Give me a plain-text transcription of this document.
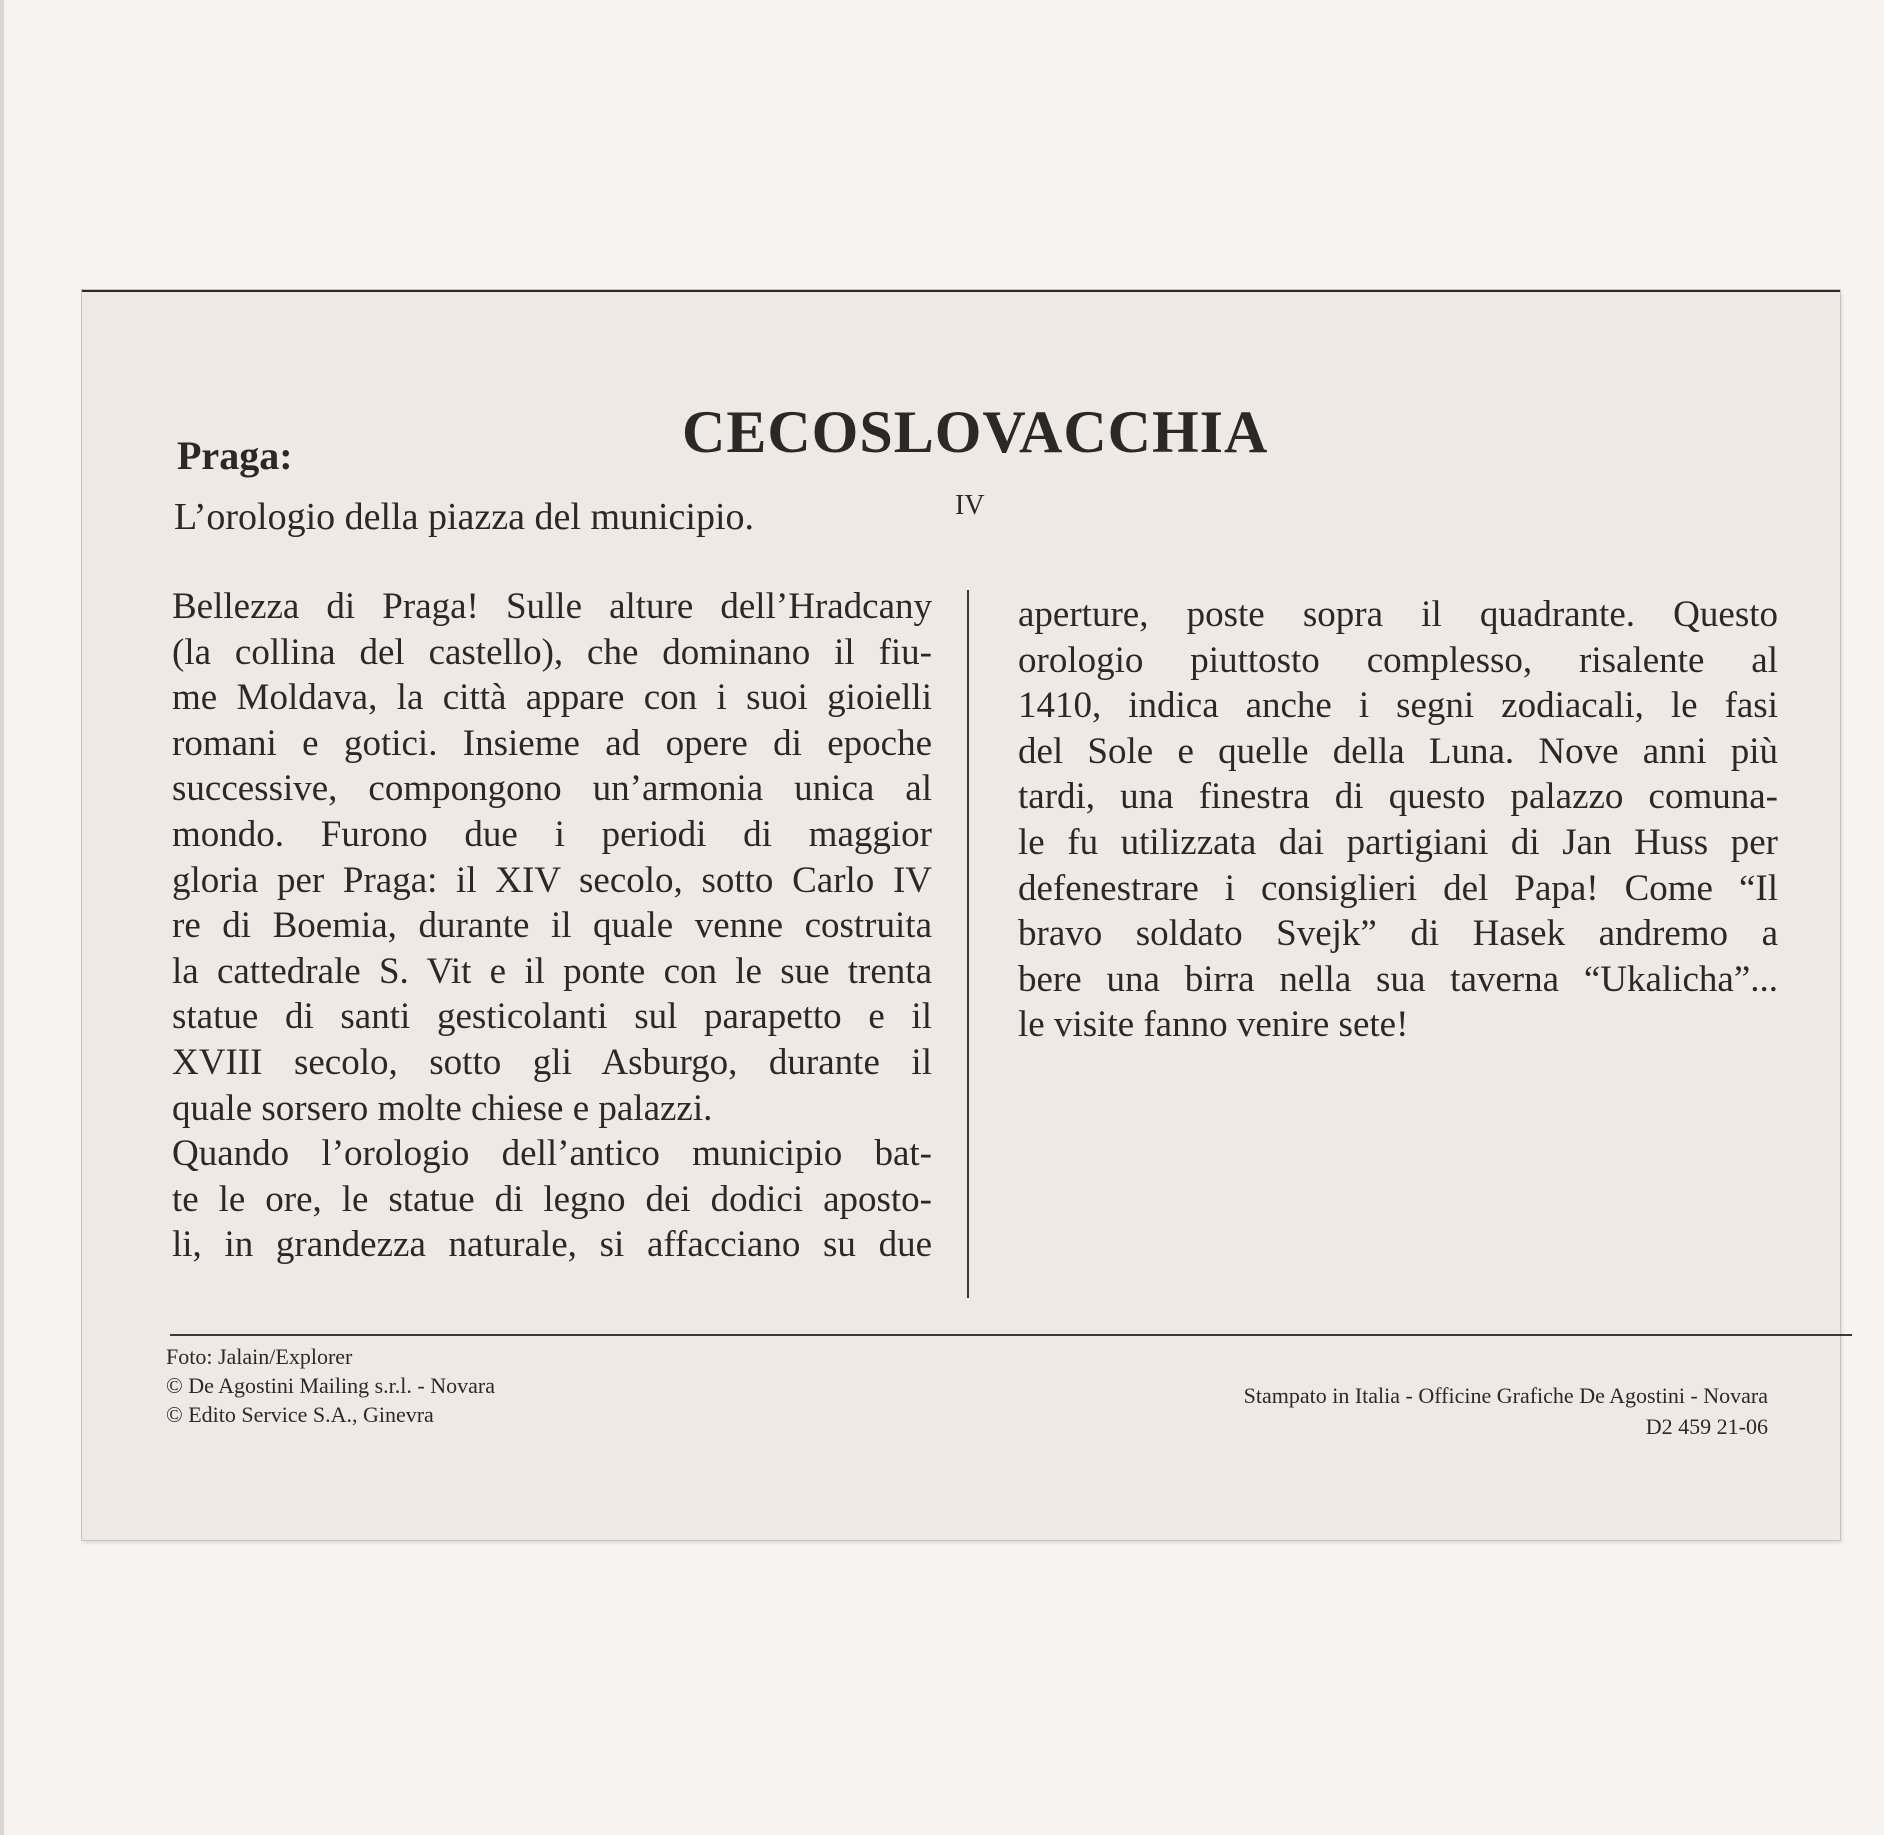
CECOSLOVACCHIA
Praga:
L’orologio della piazza del municipio.	IV
Bellezza di Praga! Sulle alture dell’Hradcany
(la collina del castello), che dominano il fiu-
me Moldava, la città appare con i suoi gioielli
romani e gotici. Insieme ad opere di epoche
successive, compongono un’armonia unica al
mondo. Furono due i periodi di maggior
gloria per Praga: il XIV secolo, sotto Carlo IV
re di Boemia, durante il quale venne costruita
la cattedrale S. Vit e il ponte con le sue trenta
statue di santi gesticolanti sul parapetto e il
XVIII secolo, sotto gli Asburgo, durante il
quale sorsero molte chiese e palazzi.
Quando l’orologio dell’antico municipio bat-
te le ore, le statue di legno dei dodici aposto-
li, in grandezza naturale, si affacciano su due
aperture, poste sopra il quadrante. Questo
orologio piuttosto complesso, risalente al
1410, indica anche i segni zodiacali, le fasi
del Sole e quelle della Luna. Nove anni più
tardi, una finestra di questo palazzo comuna-
le fu utilizzata dai partigiani di Jan Huss per
defenestrare i consiglieri del Papa! Come “Il
bravo soldato Svejk” di Hasek andremo a
bere una birra nella sua taverna “Ukalicha”...
le visite fanno venire sete!
Foto: Jalain/Explorer
© De Agostini Mailing s.r.l. - Novara
© Edito Service S.A., Ginevra
Stampato in Italia - Officine Grafiche De Agostini - Novara
D2 459 21-06
